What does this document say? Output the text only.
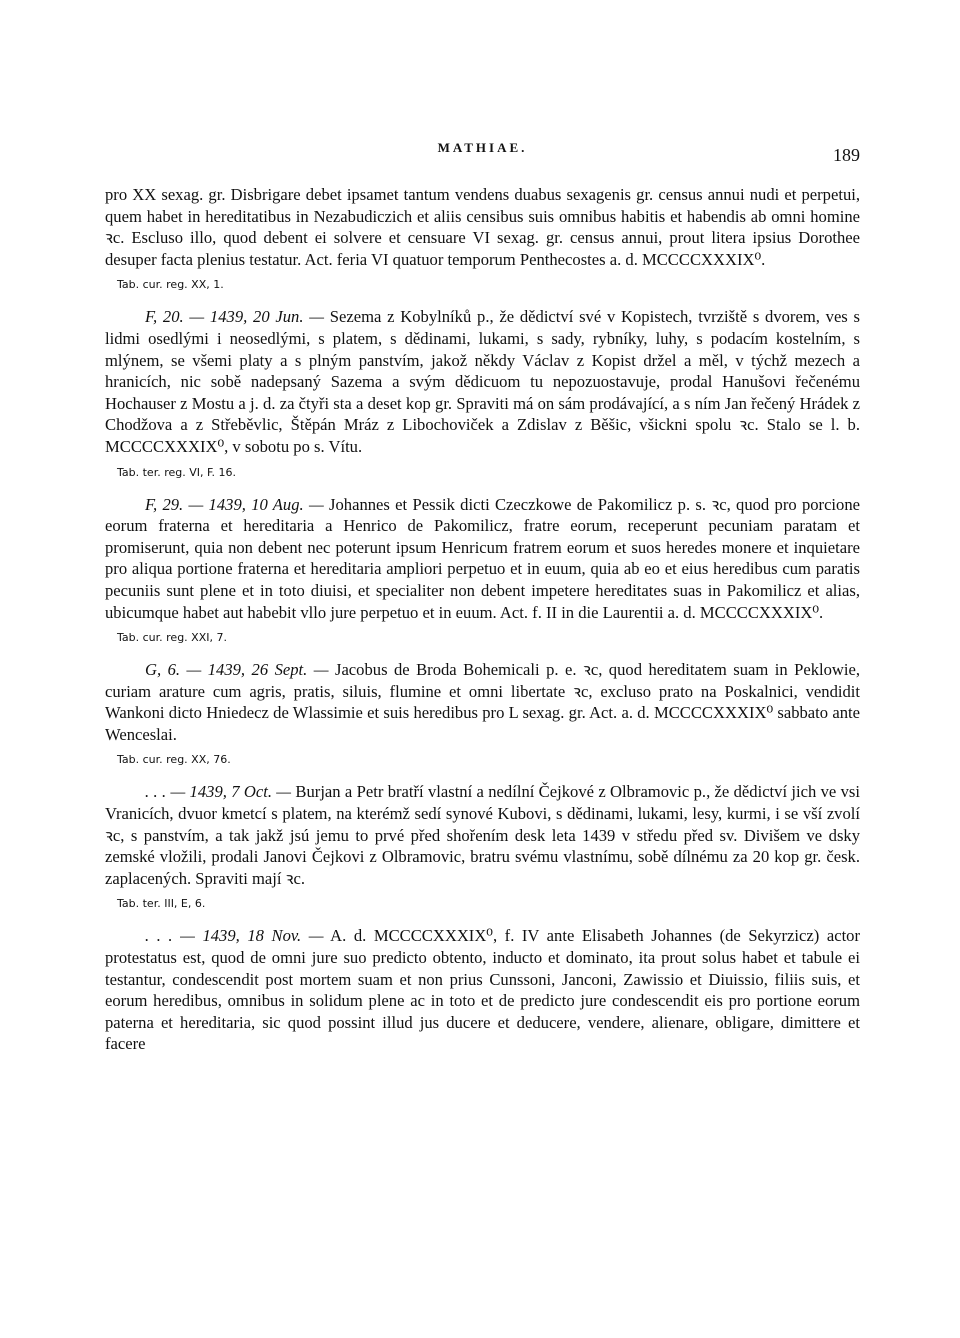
MATHIAE.	189

pro XX sexag. gr. Disbrigare debet ipsamet tantum vendens duabus sexagenis gr. census annui nudi et perpetui, quem habet in hereditatibus in Nezabudiczich et aliis censibus suis omnibus habitis et habendis ab omni homine ꝛc. Escluso illo, quod debent ei solvere et censuare VI sexag. gr. census annui, prout litera ipsius Dorothee desuper facta plenius testatur. Act. feria VI quatuor temporum Penthecostes a. d. MCCCCXXXIX⁰.

Tab. cur. reg. XX, 1.

F, 20. — 1439, 20 Jun. — Sezema z Kobylníků p., že dědictví své v Kopistech, tvrziště s dvorem, ves s lidmi osedlými i neosedlými, s platem, s dědinami, lukami, s sady, rybníky, luhy, s podacím kostelním, s mlýnem, se všemi platy a s plným panstvím, jakož někdy Václav z Kopist držel a měl, v týchž mezech a hranicích, nic sobě nadepsaný Sazema a svým dědicuom tu nepozuostavuje, prodal Hanušovi řečenému Hochauser z Mostu a j. d. za čtyři sta a deset kop gr. Spraviti má on sám prodávající, a s ním Jan řečený Hrádek z Chodžova a z Střeběvlic, Štěpán Mráz z Libochoviček a Zdislav z Běšic, všickni spolu ꝛc. Stalo se l. b. MCCCCXXXIX⁰, v sobotu po s. Vítu.

Tab. ter. reg. VI, F. 16.

F, 29. — 1439, 10 Aug. — Johannes et Pessik dicti Czeczkowe de Pakomilicz p. s. ꝛc, quod pro porcione eorum fraterna et hereditaria a Henrico de Pakomilicz, fratre eorum, receperunt pecuniam paratam et promiserunt, quia non debent nec poterunt ipsum Henricum fratrem eorum et suos heredes monere et inquietare pro aliqua portione fraterna et hereditaria ampliori perpetuo et in euum, quia ab eo et eius heredibus cum paratis pecuniis sunt plene et in toto diuisi, et specialiter non debent impetere hereditates suas in Pakomilicz et alias, ubicumque habet aut habebit vllo jure perpetuo et in euum. Act. f. II in die Laurentii a. d. MCCCCXXXIX⁰.

Tab. cur. reg. XXI, 7.

G, 6. — 1439, 26 Sept. — Jacobus de Broda Bohemicali p. e. ꝛc, quod hereditatem suam in Peklowie, curiam arature cum agris, pratis, siluis, flumine et omni libertate ꝛc, excluso prato na Poskalnici, vendidit Wankoni dicto Hniedecz de Wlassimie et suis heredibus pro L sexag. gr. Act. a. d. MCCCCXXXIX⁰ sabbato ante Wenceslai.

Tab. cur. reg. XX, 76.

. . . — 1439, 7 Oct. — Burjan a Petr bratří vlastní a nedílní Čejkové z Olbramovic p., že dědictví jich ve vsi Vranicích, dvuor kmetcí s platem, na kterémž sedí synové Kubovi, s dědinami, lukami, lesy, kurmi, i se vší zvolí ꝛc, s panstvím, a tak jakž jsú jemu to prvé před shořením desk leta 1439 v středu před sv. Divišem ve dsky zemské vložili, prodali Janovi Čejkovi z Olbramovic, bratru svému vlastnímu, sobě dílnému za 20 kop gr. česk. zaplacených. Spraviti mají ꝛc.

Tab. ter. III, E, 6.

. . . — 1439, 18 Nov. — A. d. MCCCCXXXIX⁰, f. IV ante Elisabeth Johannes (de Sekyrzicz) actor protestatus est, quod de omni jure suo predicto obtento, inducto et dominato, ita prout solus habet et tabule ei testantur, condescendit post mortem suam et non prius Cunssoni, Janconi, Zawissio et Diuissio, filiis suis, et eorum heredibus, omnibus in solidum plene ac in toto et de predicto jure condescendit eis pro portione eorum paterna et hereditaria, sic quod possint illud jus ducere et deducere, vendere, alienare, obligare, dimittere et facere
